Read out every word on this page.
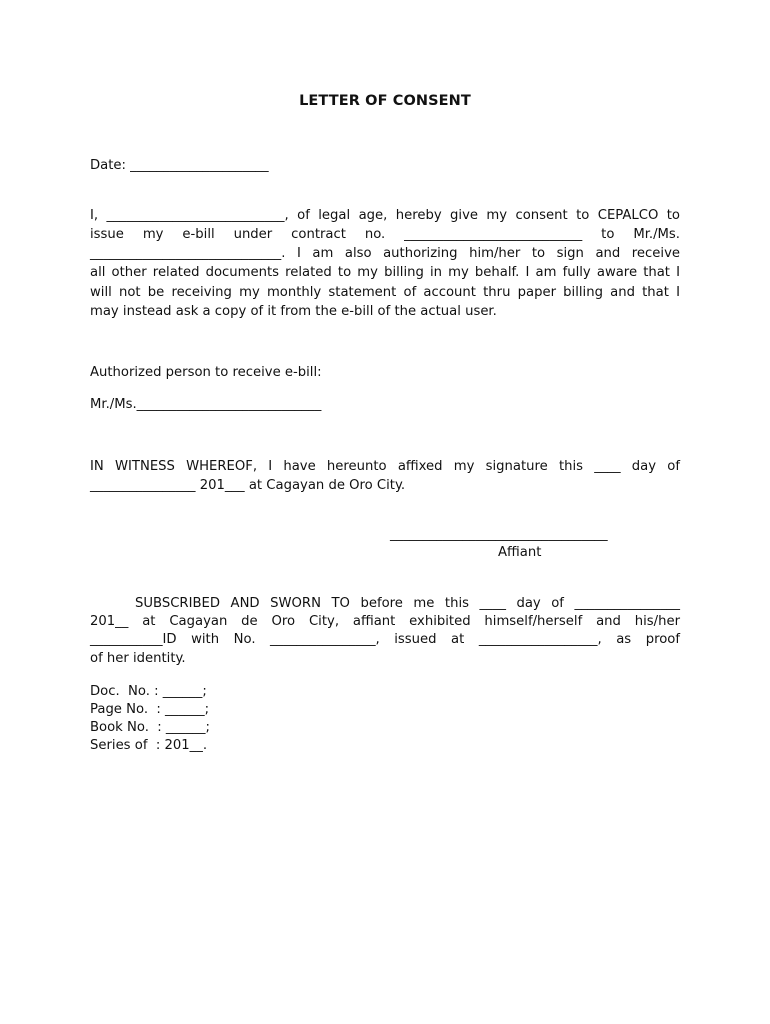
LETTER OF CONSENT
Date: _____________________
I, ___________________________, of legal age, hereby give my consent to CEPALCO to
issue my e-bill under contract no. ___________________________ to Mr./Ms.
_____________________________. I am also authorizing him/her to sign and receive
all other related documents related to my billing in my behalf. I am fully aware that I
will not be receiving my monthly statement of account thru paper billing and that I
may instead ask a copy of it from the e-bill of the actual user.
Authorized person to receive e-bill:
Mr./Ms.____________________________
IN WITNESS WHEREOF, I have hereunto affixed my signature this ____ day of
________________ 201___ at Cagayan de Oro City.
_________________________________
Affiant
SUBSCRIBED AND SWORN TO before me this ____ day of ________________
201__ at Cagayan de Oro City, affiant exhibited himself/herself and his/her
___________ID with No. ________________, issued at __________________, as proof
of her identity.
Doc.  No. : ______;
Page No.  : ______;
Book No.  : ______;
Series of  : 201__.
